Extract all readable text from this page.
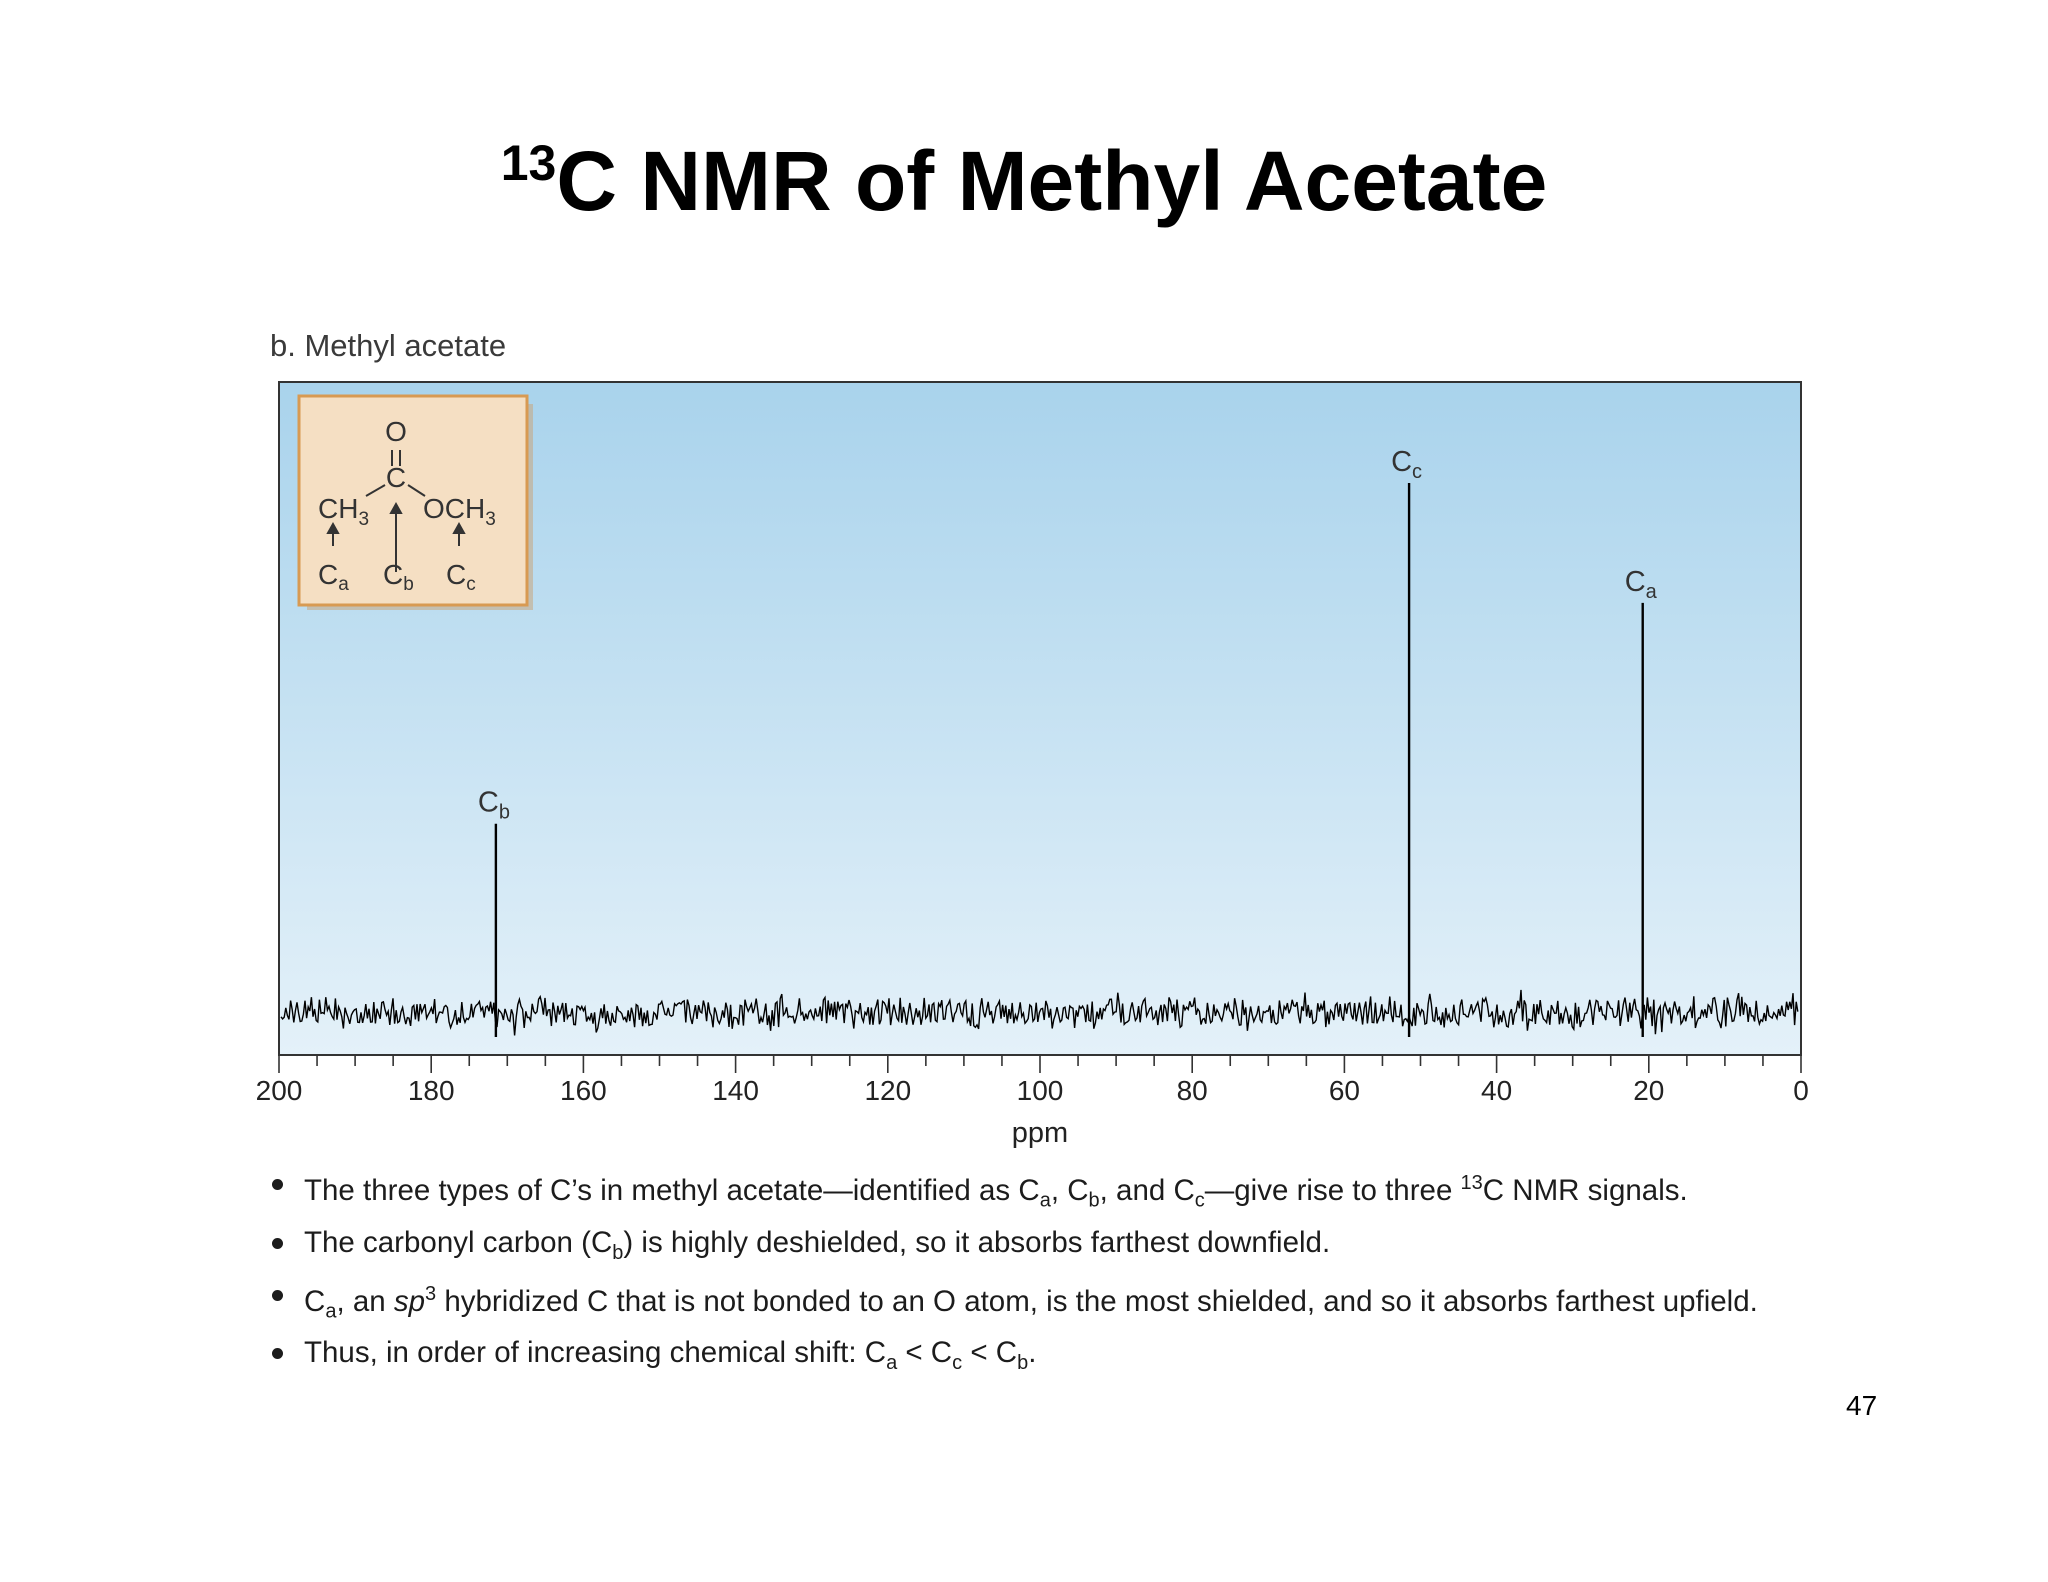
$^{13}$C NMR of Methyl Acetate
b. Methyl acetate
200	180	160	140	120	100	80	60	40	20	0
ppm
$C_b$
$C_c$
$C_a$
O
C
$CH_3$ $OCH_3$
$C_a$ $C_b$ $C_c$
The three types of C’s in methyl acetate—identified as $C_a$, $C_b$, and $C_c—give$ rise to three $^{13}$C NMR signals.
The carbonyl carbon $(C_b)$ is highly deshielded, so it absorbs farthest downfield.
$C_a$, an $sp^3$ hybridized C that is not bonded to an O atom, is the most shielded, and so it absorbs farthest upfield.
Thus, in order of increasing chemical shift: $C_a < C_c < C_b$.
47
